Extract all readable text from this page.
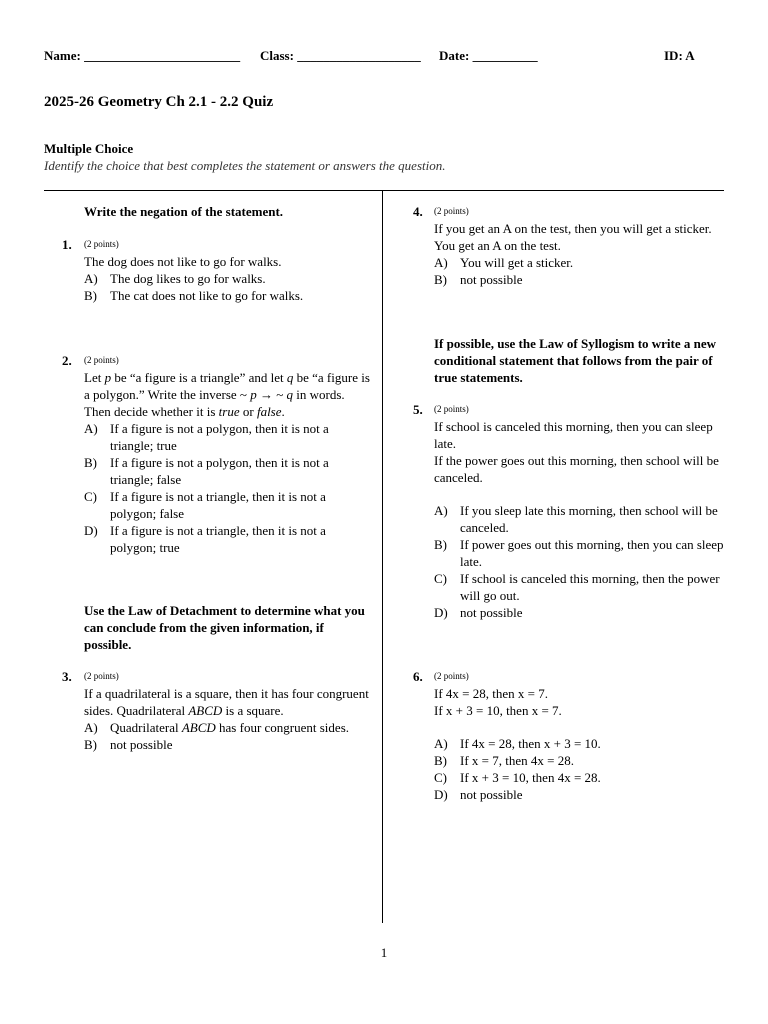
Name: ________________________ Class: ___________________ Date: __________	ID: A
2025-26 Geometry Ch 2.1 - 2.2 Quiz
Multiple Choice
Identify the choice that best completes the statement or answers the question.
Write the negation of the statement.
1. (2 points)
The dog does not like to go for walks.
A) The dog likes to go for walks.
B)	The cat does not like to go for walks.
2. (2 points)
Let p be “a figure is a triangle” and let q be “a figure is a polygon.” Write the inverse ~ p → ~ q in words. Then decide whether it is true or false.
A) If a figure is not a polygon, then it is not a triangle; true
B)	If a figure is not a polygon, then it is not a triangle; false
C)	If a figure is not a triangle, then it is not a polygon; false
D) If a figure is not a triangle, then it is not a polygon; true
Use the Law of Detachment to determine what you can conclude from the given information, if possible.
3. (2 points)
If a quadrilateral is a square, then it has four congruent sides. Quadrilateral ABCD is a square.
A) Quadrilateral ABCD has four congruent sides.
B)	not possible
4. (2 points)
If you get an A on the test, then you will get a sticker. You get an A on the test.
A) You will get a sticker.
B)	not possible
If possible, use the Law of Syllogism to write a new conditional statement that follows from the pair of true statements.
5. (2 points)
If school is canceled this morning, then you can sleep late.
If the power goes out this morning, then school will be canceled.
A) If you sleep late this morning, then school will be canceled.
B)	If power goes out this morning, then you can sleep late.
C)	If school is canceled this morning, then the power will go out.
D) not possible
6. (2 points)
If 4x = 28, then x = 7.
If x + 3 = 10, then x = 7.
A) If 4x = 28, then x + 3 = 10.
B)	If x = 7, then 4x = 28.
C)	If x + 3 = 10, then 4x = 28.
D) not possible
1
